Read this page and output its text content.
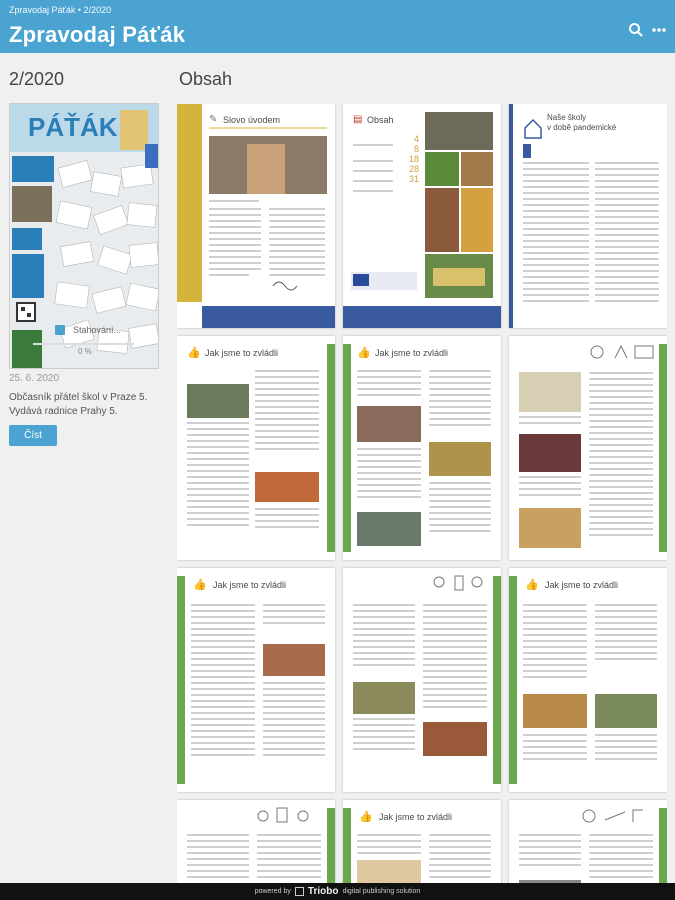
Zpravodaj Páťák • 2/2020
Zpravodaj Páťák
2/2020
PÁŤÁK
Stahování...
0 %
25. 6. 2020
Občasník přátel škol v Praze 5. Vydává radnice Prahy 5.
Číst
Obsah
✎ Slovo úvodem	▤ Obsah
4
8
18
28
31
Naše školy
v době pandemické
👍 Jak jsme to zvládli	👍 Jak jsme to zvládli
👍 Jak jsme to zvládli	👍 Jak jsme to zvládli
👍 Jak jsme to zvládli
powered by Triobo digital publishing solution
